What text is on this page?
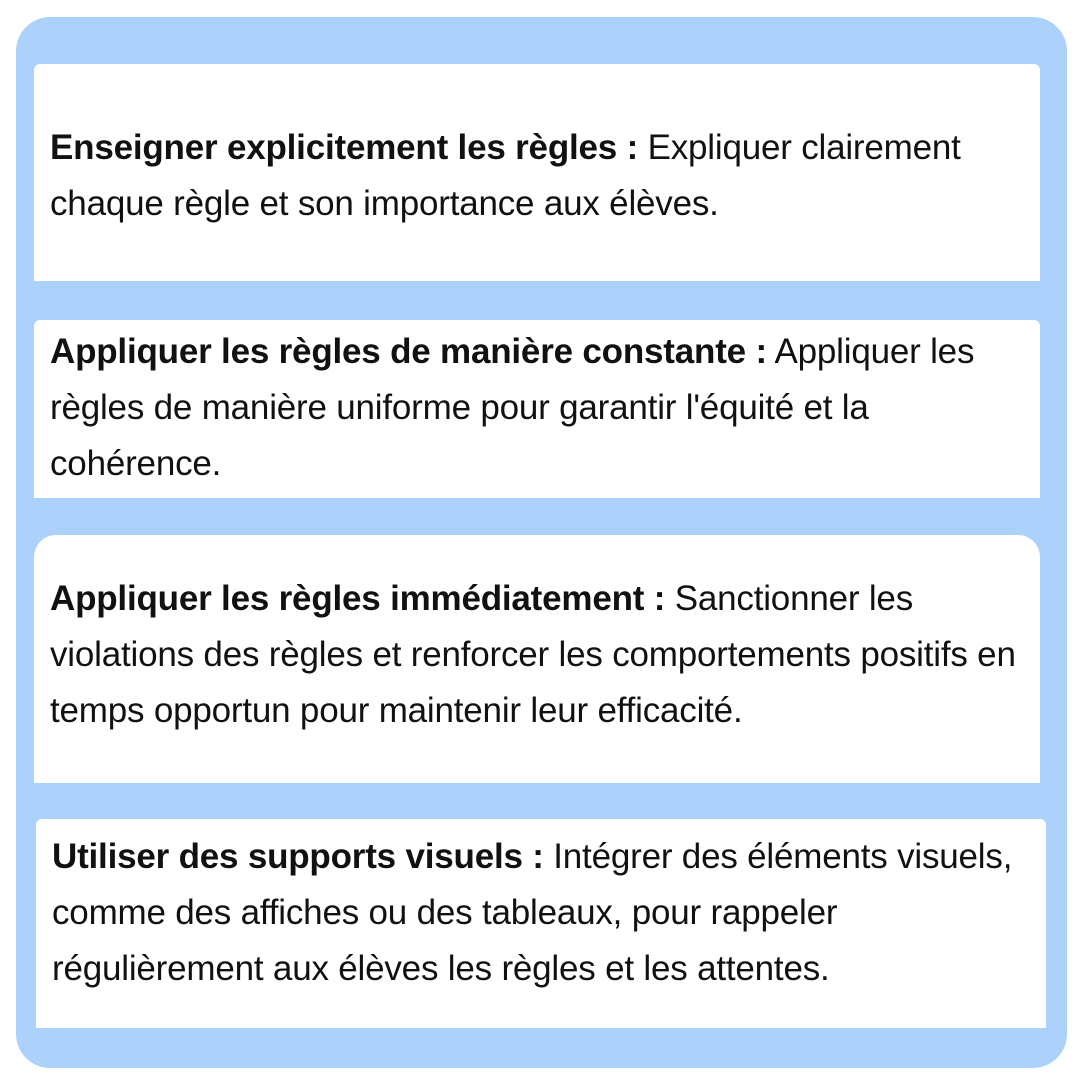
Enseigner explicitement les règles : Expliquer clairement chaque règle et son importance aux élèves.
Appliquer les règles de manière constante : Appliquer les règles de manière uniforme pour garantir l'équité et la cohérence.
Appliquer les règles immédiatement : Sanctionner les violations des règles et renforcer les comportements positifs en temps opportun pour maintenir leur efficacité.
Utiliser des supports visuels : Intégrer des éléments visuels, comme des affiches ou des tableaux, pour rappeler régulièrement aux élèves les règles et les attentes.
